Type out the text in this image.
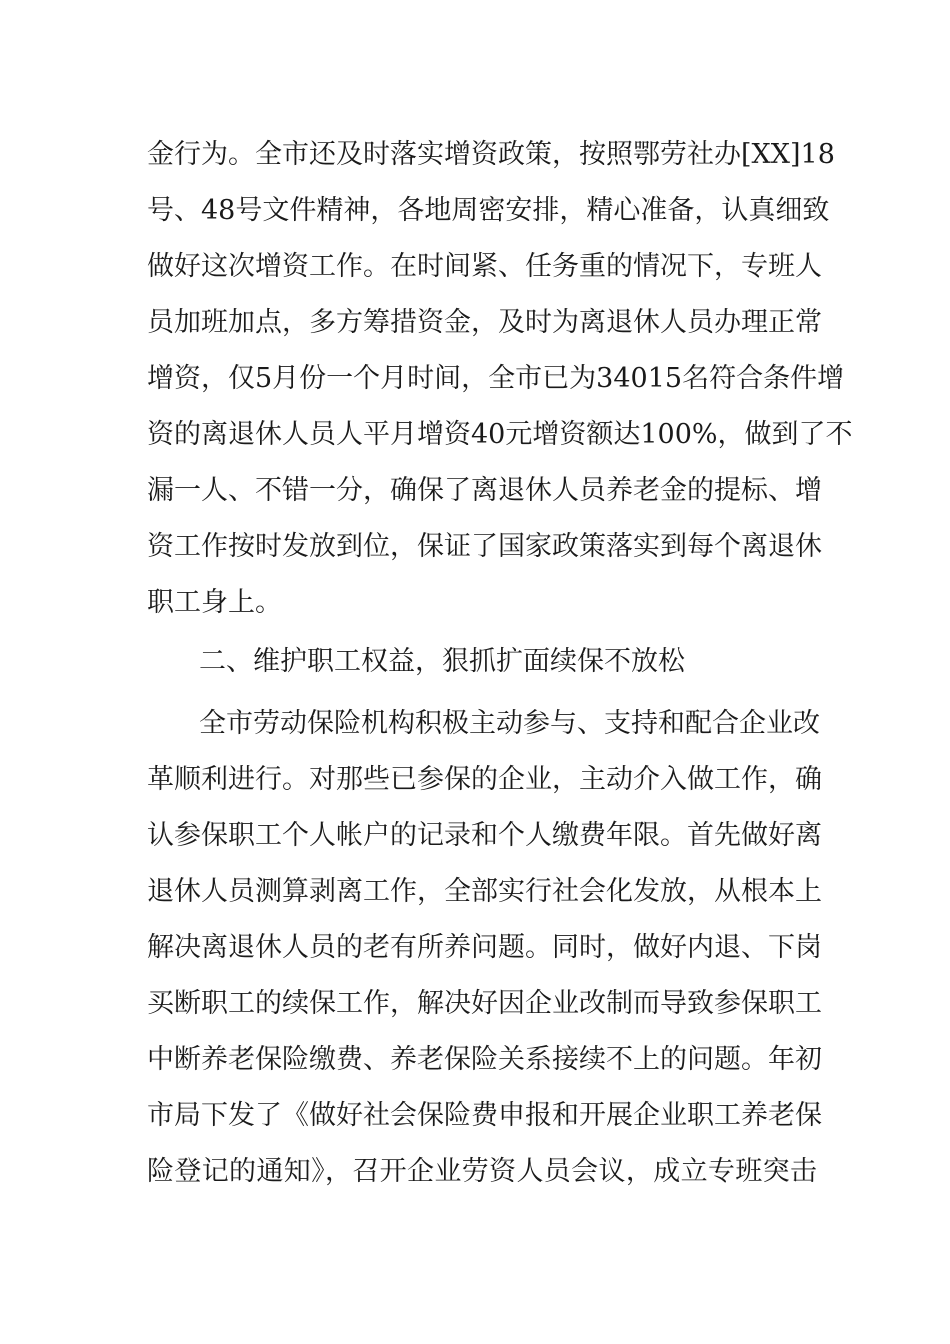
金行为。全市还及时落实增资政策，按照鄂劳社办[XX]18
号、48号文件精神，各地周密安排，精心准备，认真细致
做好这次增资工作。在时间紧、任务重的情况下，专班人
员加班加点，多方筹措资金，及时为离退休人员办理正常
增资，仅5月份一个月时间，全市已为34015名符合条件增
资的离退休人员人平月增资40元增资额达100%，做到了不
漏一人、不错一分，确保了离退休人员养老金的提标、增
资工作按时发放到位，保证了国家政策落实到每个离退休
职工身上。
二、维护职工权益，狠抓扩面续保不放松
全市劳动保险机构积极主动参与、支持和配合企业改
革顺利进行。对那些已参保的企业，主动介入做工作，确
认参保职工个人帐户的记录和个人缴费年限。首先做好离
退休人员测算剥离工作，全部实行社会化发放，从根本上
解决离退休人员的老有所养问题。同时，做好内退、下岗
买断职工的续保工作，解决好因企业改制而导致参保职工
中断养老保险缴费、养老保险关系接续不上的问题。年初
市局下发了《做好社会保险费申报和开展企业职工养老保
险登记的通知》，召开企业劳资人员会议，成立专班突击
